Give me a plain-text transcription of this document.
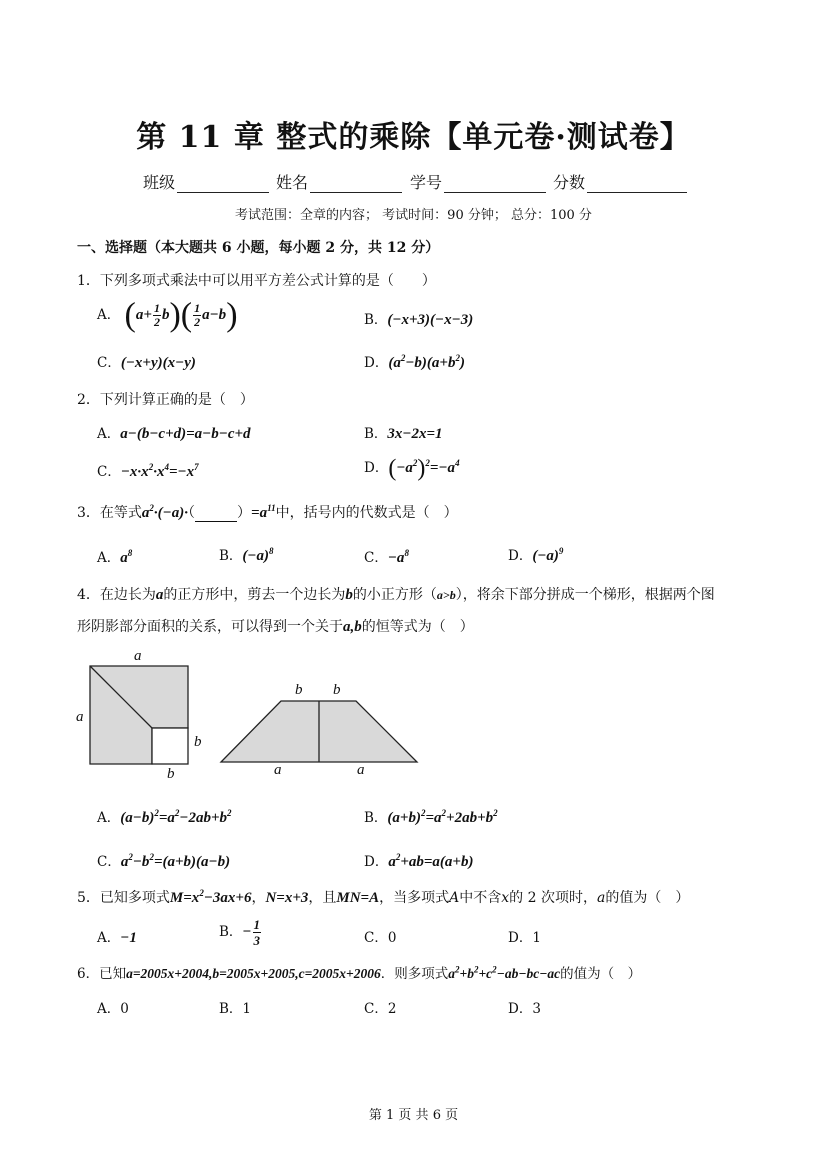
第 11 章 整式的乘除【单元卷·测试卷】
班级	姓名	学号	分数
考试范围：全章的内容； 考试时间：90 分钟； 总分：100 分
一、选择题（本大题共 6 小题，每小题 2 分，共 12 分）
1．下列多项式乘法中可以用平方差公式计算的是（　　）
A． $(a+ \frac{1}{2} b)( \frac{1}{2} a-b)$	B．(−x+3)(−x−3)
C．(−x+y)(x−y)	D．$(a^2-b)(a+b^2)$
2．下列计算正确的是（　）
A．a−(b−c+d)=a−b−c+d	B．3x−2x=1
C．$-x\cdot x^2\cdot x^4=-x^7$	D．$(-a^2)^2=-a^4$
3．在等式$a^2\cdot(-a)\cdot$（	）$=a^{11}$中，括号内的代数式是（　）
A．$a^8$	B．$(-a)^8$	C．$-a^8$	D．$(-a)^9$
4．在边长为a的正方形中，剪去一个边长为b的小正方形（a>b），将余下部分拼成一个梯形，根据两个图
形阴影部分面积的关系，可以得到一个关于a,b的恒等式为（　）
a
a
b
b
b b
a	a
A．$(a-b)^2=a^2-2ab+b^2$	B．$(a+b)^2=a^2+2ab+b^2$
C．$a^2-b^2=(a+b)(a-b)$	D．$a^2+ab=a(a+b)$
5．已知多项式$M=x^2-3ax+6$，N=x+3，且MN=A，当多项式A中不含x的 2 次项时，a的值为（　）
A．−1	B．− $\frac{1}{3}$	C．0	D．1
6．已知a=2005x+2004,b=2005x+2005,c=2005x+2006．则多项式$a^2+b^2+c^2-ab-bc-ac$的值为（　）
A．0	B．1	C．2	D．3
第 1 页 共 6 页
